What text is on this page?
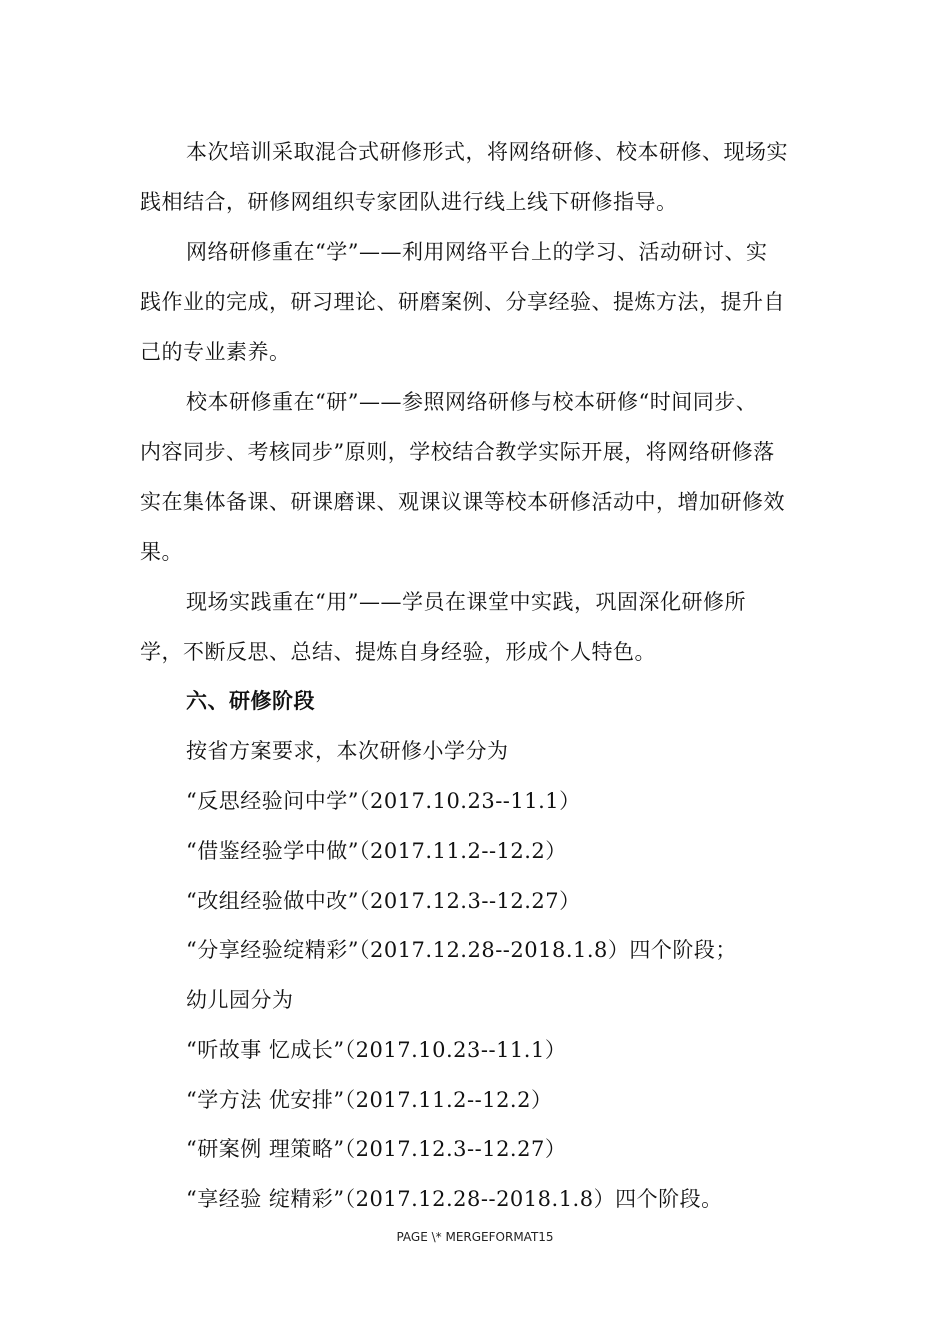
本次培训采取混合式研修形式，将网络研修、校本研修、现场实
践相结合，研修网组织专家团队进行线上线下研修指导。
网络研修重在“学”——利用网络平台上的学习、活动研讨、实
践作业的完成，研习理论、研磨案例、分享经验、提炼方法，提升自
己的专业素养。
校本研修重在“研”——参照网络研修与校本研修“时间同步、
内容同步、考核同步”原则，学校结合教学实际开展，将网络研修落
实在集体备课、研课磨课、观课议课等校本研修活动中，增加研修效
果。
现场实践重在“用”——学员在课堂中实践，巩固深化研修所
学，不断反思、总结、提炼自身经验，形成个人特色。
六、研修阶段
按省方案要求，本次研修小学分为
“反思经验问中学”（2017.10.23--11.1）
“借鉴经验学中做”（2017.11.2--12.2）
“改组经验做中改”（2017.12.3--12.27）
“分享经验绽精彩”（2017.12.28--2018.1.8）四个阶段；
幼儿园分为
“听故事 忆成长”（2017.10.23--11.1）
“学方法 优安排”（2017.11.2--12.2）
“研案例 理策略”（2017.12.3--12.27）
“享经验 绽精彩”（2017.12.28--2018.1.8）四个阶段。
PAGE \* MERGEFORMAT15
